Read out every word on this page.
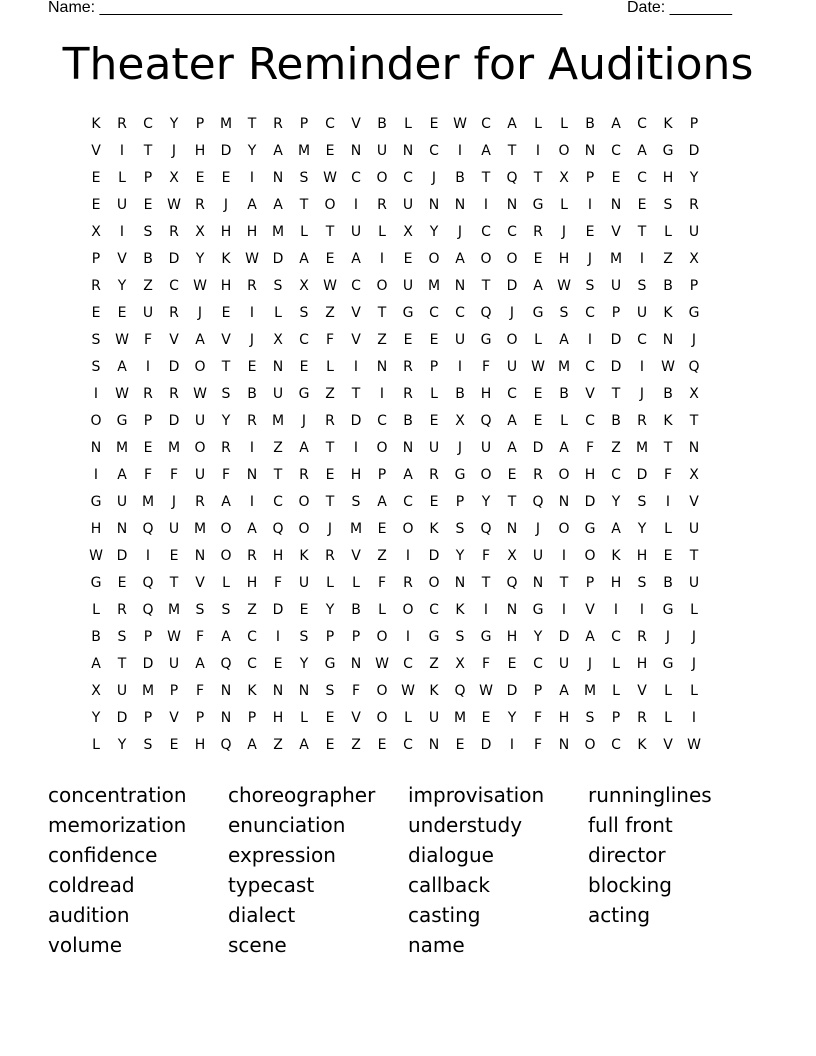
Name: ____________________________________________________	Date: _______
Theater Reminder for Auditions
K	R	C	Y	P	M	T	R	P	C	V	B	L	E	W	C	A	L	L	B	A	C	K	P
V	I	T	J	H	D	Y	A	M	E	N	U	N	C	I	A	T	I	O	N	C	A	G	D
E	L	P	X	E	E	I	N	S	W	C	O	C	J	B	T	Q	T	X	P	E	C	H	Y
E	U	E	W	R	J	A	A	T	O	I	R	U	N	N	I	N	G	L	I	N	E	S	R
X	I	S	R	X	H	H	M	L	T	U	L	X	Y	J	C	C	R	J	E	V	T	L	U
P	V	B	D	Y	K	W D	A	E	A	I	E	O	A	O	O	E	H	J	M	I	Z	X
R	Y	Z	C	W H	R	S	X	W	C	O	U	M	N	T	D	A	W	S	U	S	B	P
E	E	U	R	J	E	I	L	S	Z	V	T	G	C	C	Q	J	G	S	C	P	U	K	G
S	W	F	V	A	V	J	X	C	F	V	Z	E	E	U	G	O	L	A	I	D	C	N	J
S	A	I	D	O	T	E	N	E	L	I	N	R	P	I	F	U W M	C	D	I	W Q
I	W	R	R	W	S	B	U	G	Z	T	I	R	L	B	H	C	E	B	V	T	J	B	X
O	G	P	D	U	Y	R	M	J	R	D	C	B	E	X	Q	A	E	L	C	B	R	K	T
N	M	E	M	O	R	I	Z	A	T	I	O	N	U	J	U	A	D	A	F	Z	M	T	N
I	A	F	F	U	F	N	T	R	E	H	P	A	R	G	O	E	R	O	H	C	D	F	X
G	U	M	J	R	A	I	C	O	T	S	A	C	E	P	Y	T	Q	N	D	Y	S	I	V
H	N	Q	U	M	O	A	Q	O	J	M	E	O	K	S	Q	N	J	O	G	A	Y	L	U
W D	I	E	N	O	R	H	K	R	V	Z	I	D	Y	F	X	U	I	O	K	H	E	T
G	E	Q	T	V	L	H	F	U	L	L	F	R	O	N	T	Q	N	T	P	H	S	B	U
L	R	Q	M	S	S	Z	D	E	Y	B	L	O	C	K	I	N	G	I	V	I	I	G	L
B	S	P	W	F	A	C	I	S	P	P	O	I	G	S	G	H	Y	D	A	C	R	J	J
A	T	D	U	A	Q	C	E	Y	G	N W	C	Z	X	F	E	C	U	J	L	H	G	J
X	U	M	P	F	N	K	N	N	S	F	O W	K	Q W D	P	A	M	L	V	L	L
Y	D	P	V	P	N	P	H	L	E	V	O	L	U	M	E	Y	F	H	S	P	R	L	I
L	Y	S	E	H	Q	A	Z	A	E	Z	E	C	N	E	D	I	F	N	O	C	K	V	W
concentration	choreographer	improvisation	runninglines
memorization	enunciation	understudy	full front
confidence	expression	dialogue	director
coldread	typecast	callback	blocking
audition	dialect	casting	acting
volume	scene	name
